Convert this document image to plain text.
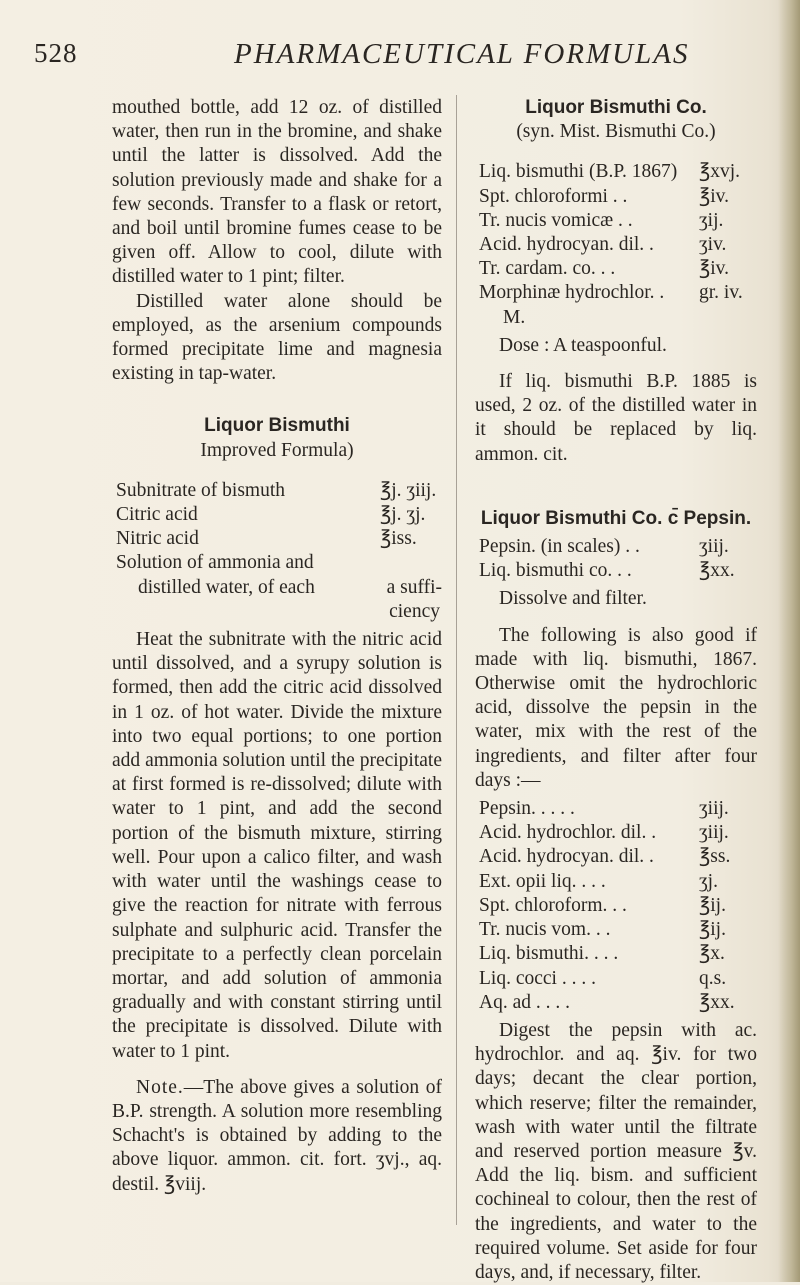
528	PHARMACEUTICAL FORMULAS

mouthed bottle, add 12 oz. of distilled water, then run in the bromine, and shake until the latter is dissolved. Add the solution previously made and shake for a few seconds. Transfer to a flask or retort, and boil until bromine fumes cease to be given off. Allow to cool, dilute with distilled water to 1 pint; filter.

Distilled water alone should be employed, as the arsenium compounds formed precipitate lime and magnesia existing in tap-water.

Liquor Bismuthi
Improved Formula)
Subnitrate of bismuth	℥j. ʒiij.
Citric acid	℥j. ʒj.
Nitric acid	℥iss.
Solution of ammonia and
distilled water, of each	a suffi-
ciency

Heat the subnitrate with the nitric acid until dissolved, and a syrupy solution is formed, then add the citric acid dissolved in 1 oz. of hot water. Divide the mixture into two equal portions; to one portion add ammonia solution until the precipitate at first formed is re-dissolved; dilute with water to 1 pint, and add the second portion of the bismuth mixture, stirring well. Pour upon a calico filter, and wash with water until the washings cease to give the reaction for nitrate with ferrous sulphate and sulphuric acid. Transfer the precipitate to a perfectly clean porcelain mortar, and add solution of ammonia gradually and with constant stirring until the precipitate is dissolved. Dilute with water to 1 pint.

Note.—The above gives a solution of B.P. strength. A solution more resembling Schacht's is obtained by adding to the above liquor. ammon. cit. fort. ʒvj., aq. destil. ℥viij.

Liquor Bismuthi Co.
(syn. Mist. Bismuthi Co.)
Liq. bismuthi (B.P. 1867)	℥xvj.
Spt. chloroformi . .	℥iv.
Tr. nucis vomicæ . .	ʒij.
Acid. hydrocyan. dil. .	ʒiv.
Tr. cardam. co. . .	℥iv.
Morphinæ hydrochlor. .	gr. iv.
M.

Dose : A teaspoonful.

If liq. bismuthi B.P. 1885 is used, 2 oz. of the distilled water in it should be replaced by liq. ammon. cit.

Liquor Bismuthi Co. c̄ Pepsin.
Pepsin. (in scales) . .	ʒiij.
Liq. bismuthi co. . .	℥xx.

Dissolve and filter.

The following is also good if made with liq. bismuthi, 1867. Otherwise omit the hydrochloric acid, dissolve the pepsin in the water, mix with the rest of the ingredients, and filter after four days :—

Pepsin. . . . .	ʒiij.
Acid. hydrochlor. dil. .	ʒiij.
Acid. hydrocyan. dil. .	℥ss.
Ext. opii liq. . . .	ʒj.
Spt. chloroform. . .	℥ij.
Tr. nucis vom. . .	℥ij.
Liq. bismuthi. . . .	℥x.
Liq. cocci . . . .	q.s.
Aq. ad . . . .	℥xx.

Digest the pepsin with ac. hydrochlor. and aq. ℥iv. for two days; decant the clear portion, which reserve; filter the remainder, wash with water until the filtrate and reserved portion measure ℥v. Add the liq. bism. and sufficient cochineal to colour, then the rest of the ingredients, and water to the required volume. Set aside for four days, and, if necessary, filter.
